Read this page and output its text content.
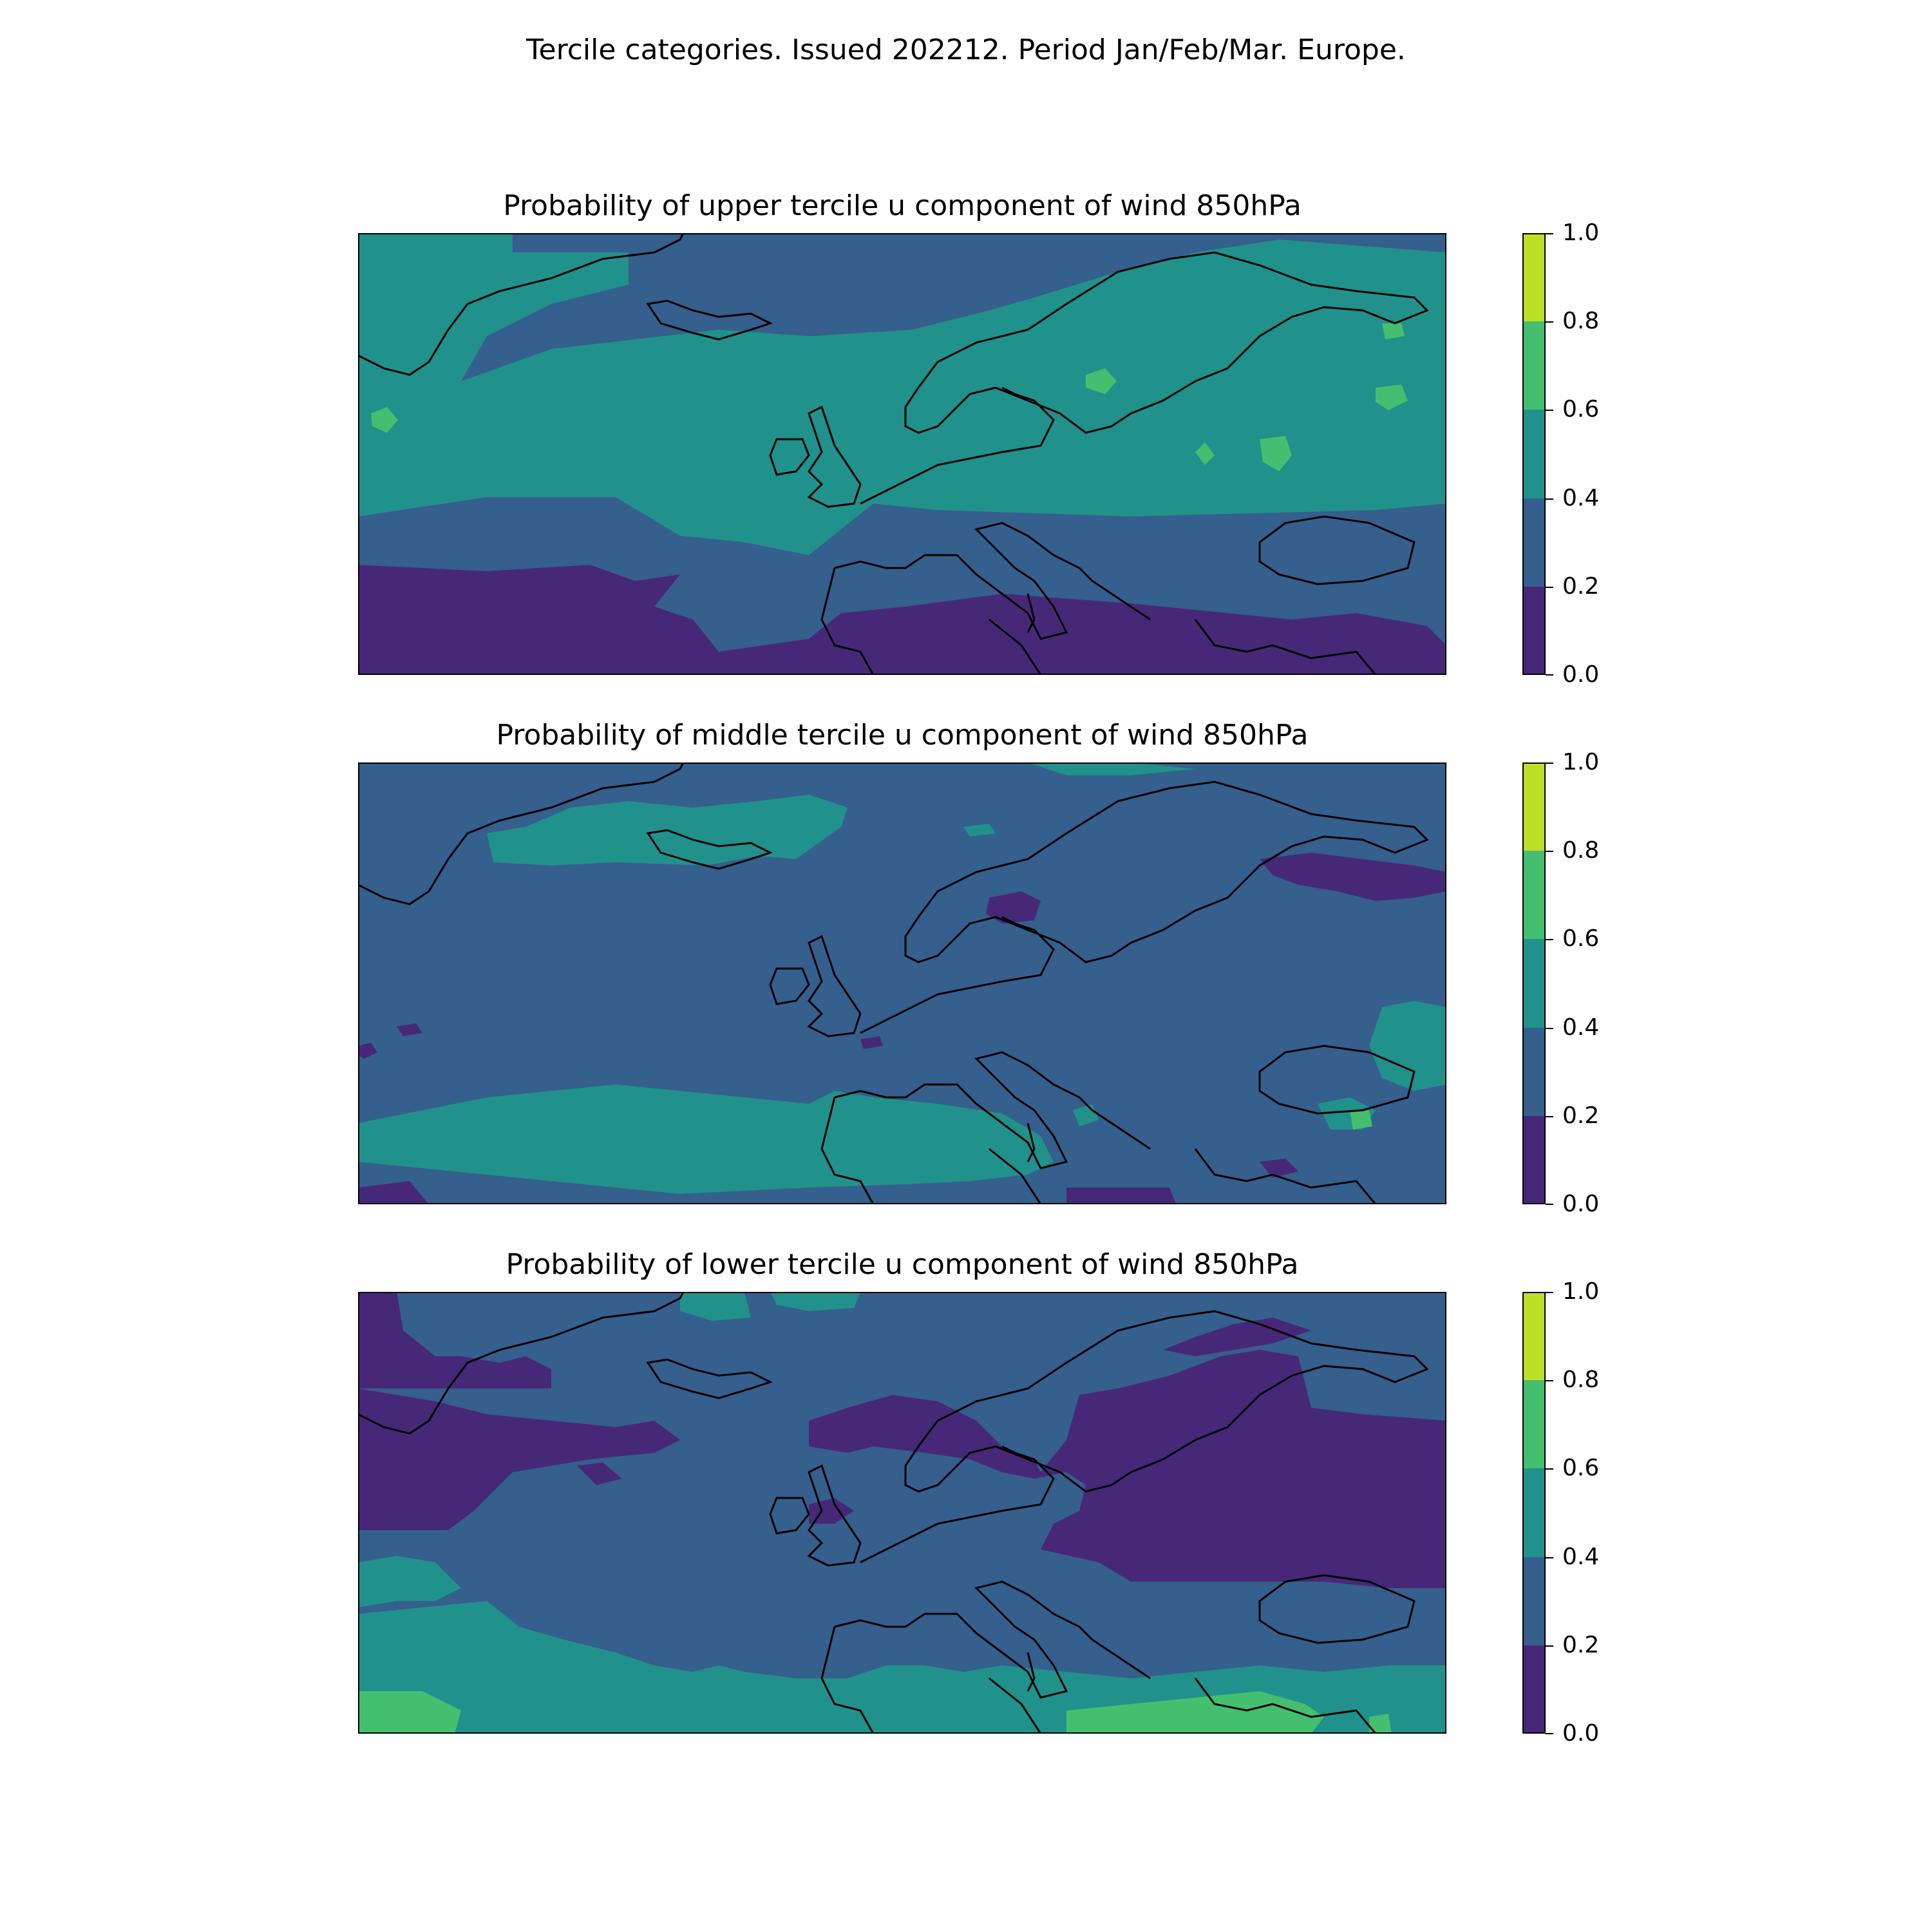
Tercile categories. Issued 202212. Period Jan/Feb/Mar. Europe.
Probability of upper tercile u component of wind 850hPa
1.0
0.8
0.6
0.4
0.2
0.0
Probability of middle tercile u component of wind 850hPa
1.0
0.8
0.6
0.4
0.2
0.0
Probability of lower tercile u component of wind 850hPa
1.0
0.8
0.6
0.4
0.2
0.0
